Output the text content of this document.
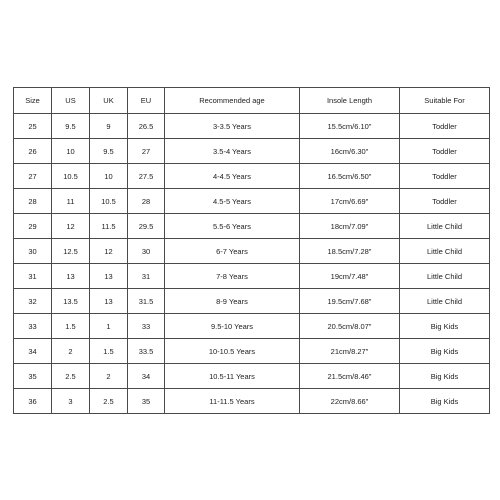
Size	US	UK	EU	Recommended age	Insole Length	Suitable For
25	9.5	9	26.5	3-3.5 Years	15.5cm/6.10"	Toddler
26	10	9.5	27	3.5-4 Years	16cm/6.30"	Toddler
27	10.5	10	27.5	4-4.5 Years	16.5cm/6.50"	Toddler
28	11	10.5	28	4.5-5 Years	17cm/6.69"	Toddler
29	12	11.5	29.5	5.5-6 Years	18cm/7.09"	Little Child
30	12.5	12	30	6-7 Years	18.5cm/7.28"	Little Child
31	13	13	31	7-8 Years	19cm/7.48"	Little Child
32	13.5	13	31.5	8-9 Years	19.5cm/7.68"	Little Child
33	1.5	1	33	9.5-10 Years	20.5cm/8.07"	Big Kids
34	2	1.5	33.5	10-10.5 Years	21cm/8.27"	Big Kids
35	2.5	2	34	10.5-11 Years	21.5cm/8.46"	Big Kids
36	3	2.5	35	11-11.5 Years	22cm/8.66"	Big Kids
